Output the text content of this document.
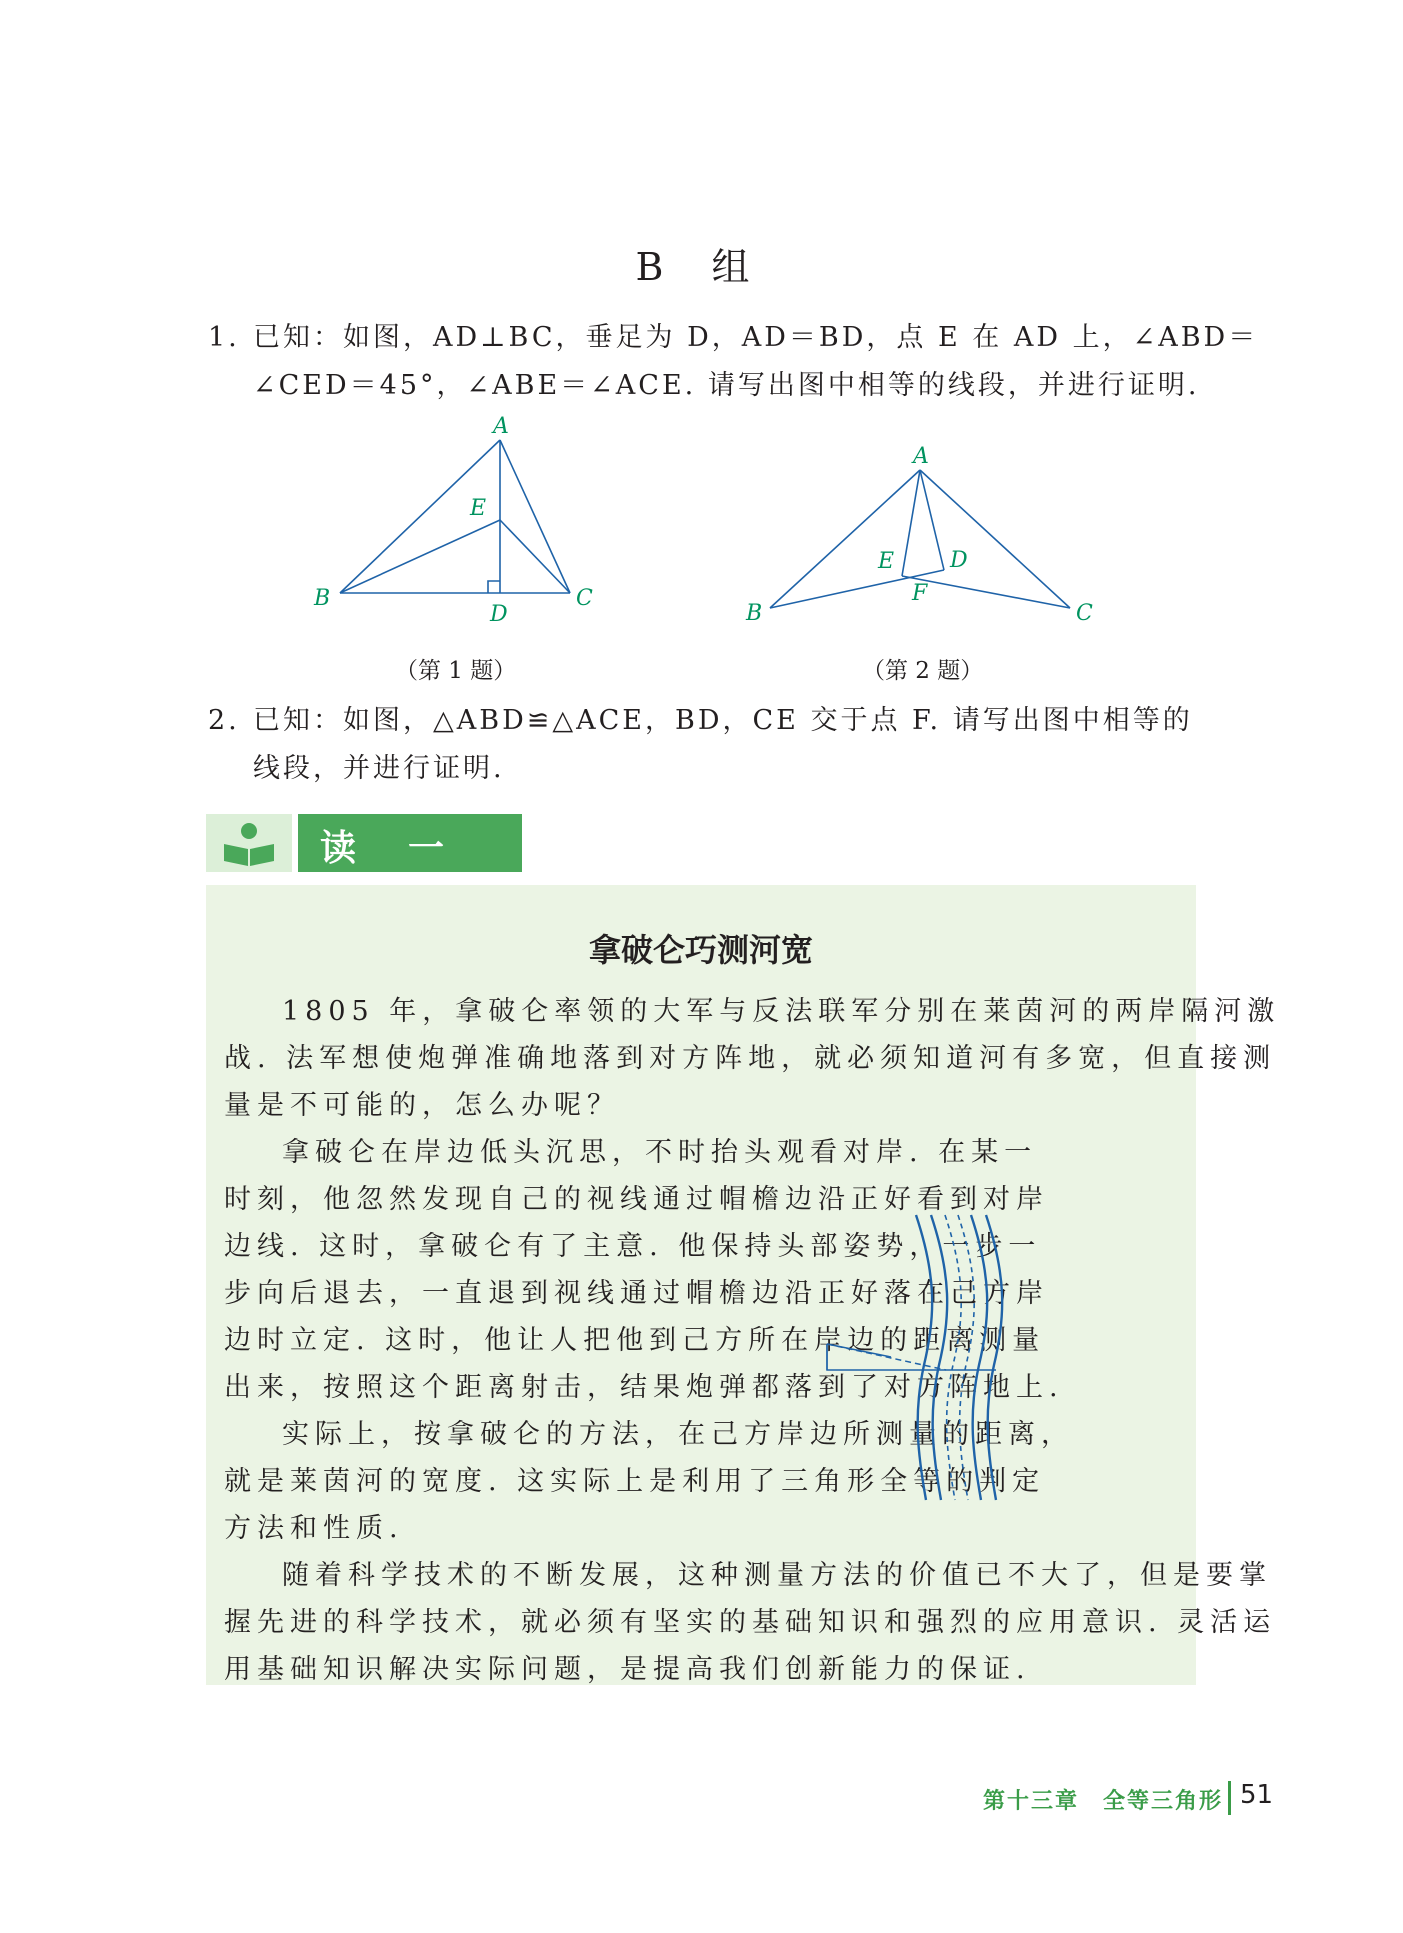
B 组
1. 已知：如图，AD⊥BC，垂足为 D，AD＝BD，点 E 在 AD 上，∠ABD＝
∠CED＝45°，∠ABE＝∠ACE. 请写出图中相等的线段，并进行证明.
A
E
B	C
D
（第 1 题）
A
E	D
F
B	C
（第 2 题）
2. 已知：如图，△ABD≌△ACE，BD，CE 交于点 F. 请写出图中相等的
线段，并进行证明.
读一
拿破仑巧测河宽
1805 年，拿破仑率领的大军与反法联军分别在莱茵河的两岸隔河激
战. 法军想使炮弹准确地落到对方阵地，就必须知道河有多宽，但直接测
量是不可能的，怎么办呢？
拿破仑在岸边低头沉思，不时抬头观看对岸. 在某一
时刻，他忽然发现自己的视线通过帽檐边沿正好看到对岸
边线. 这时，拿破仑有了主意. 他保持头部姿势，一步一
步向后退去，一直退到视线通过帽檐边沿正好落在己方岸
边时立定. 这时，他让人把他到己方所在岸边的距离测量
出来，按照这个距离射击，结果炮弹都落到了对方阵地上.
实际上，按拿破仑的方法，在己方岸边所测量的距离，
就是莱茵河的宽度. 这实际上是利用了三角形全等的判定
方法和性质.
随着科学技术的不断发展，这种测量方法的价值已不大了，但是要掌
握先进的科学技术，就必须有坚实的基础知识和强烈的应用意识. 灵活运
用基础知识解决实际问题，是提高我们创新能力的保证.
第十三章　全等三角形 51
